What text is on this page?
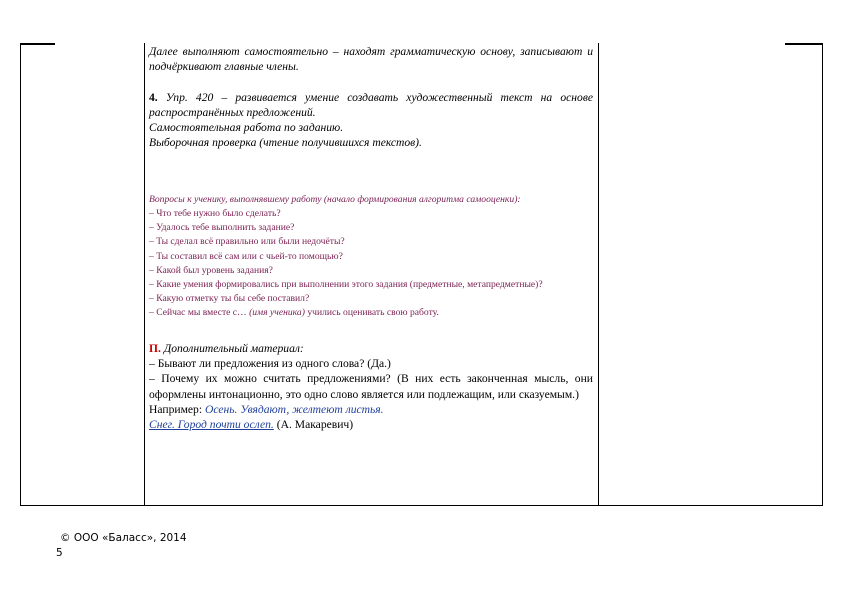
Далее выполняют самостоятельно – находят грамматическую основу, записывают и подчёркивают главные члены.

4. Упр. 420 – развивается умение создавать художественный текст на основе распространённых предложений.

Самостоятельная работа по заданию.

Выборочная проверка (чтение получившихся текстов).

Вопросы к ученику, выполнявшему работу (начало формирования алгоритма самооценки):

– Что тебе нужно было сделать?

– Удалось тебе выполнить задание?

– Ты сделал всё правильно или были недочёты?

– Ты составил всё сам или с чьей-то помощью?

– Какой был уровень задания?

– Какие умения формировались при выполнении этого задания (предметные, метапредметные)?

– Какую отметку ты бы себе поставил?

– Сейчас мы вместе с… (имя ученика) учились оценивать свою работу.

П. Дополнительный материал:

– Бывают ли предложения из одного слова? (Да.)

– Почему их можно считать предложениями? (В них есть законченная мысль, они оформлены интонационно, это одно слово является или подлежащим, или сказуемым.)

Например: Осень. Увядают, желтеют листья.

Снег. Город почти ослеп. (А. Макаревич)

© ООО «Баласс», 2014
5
